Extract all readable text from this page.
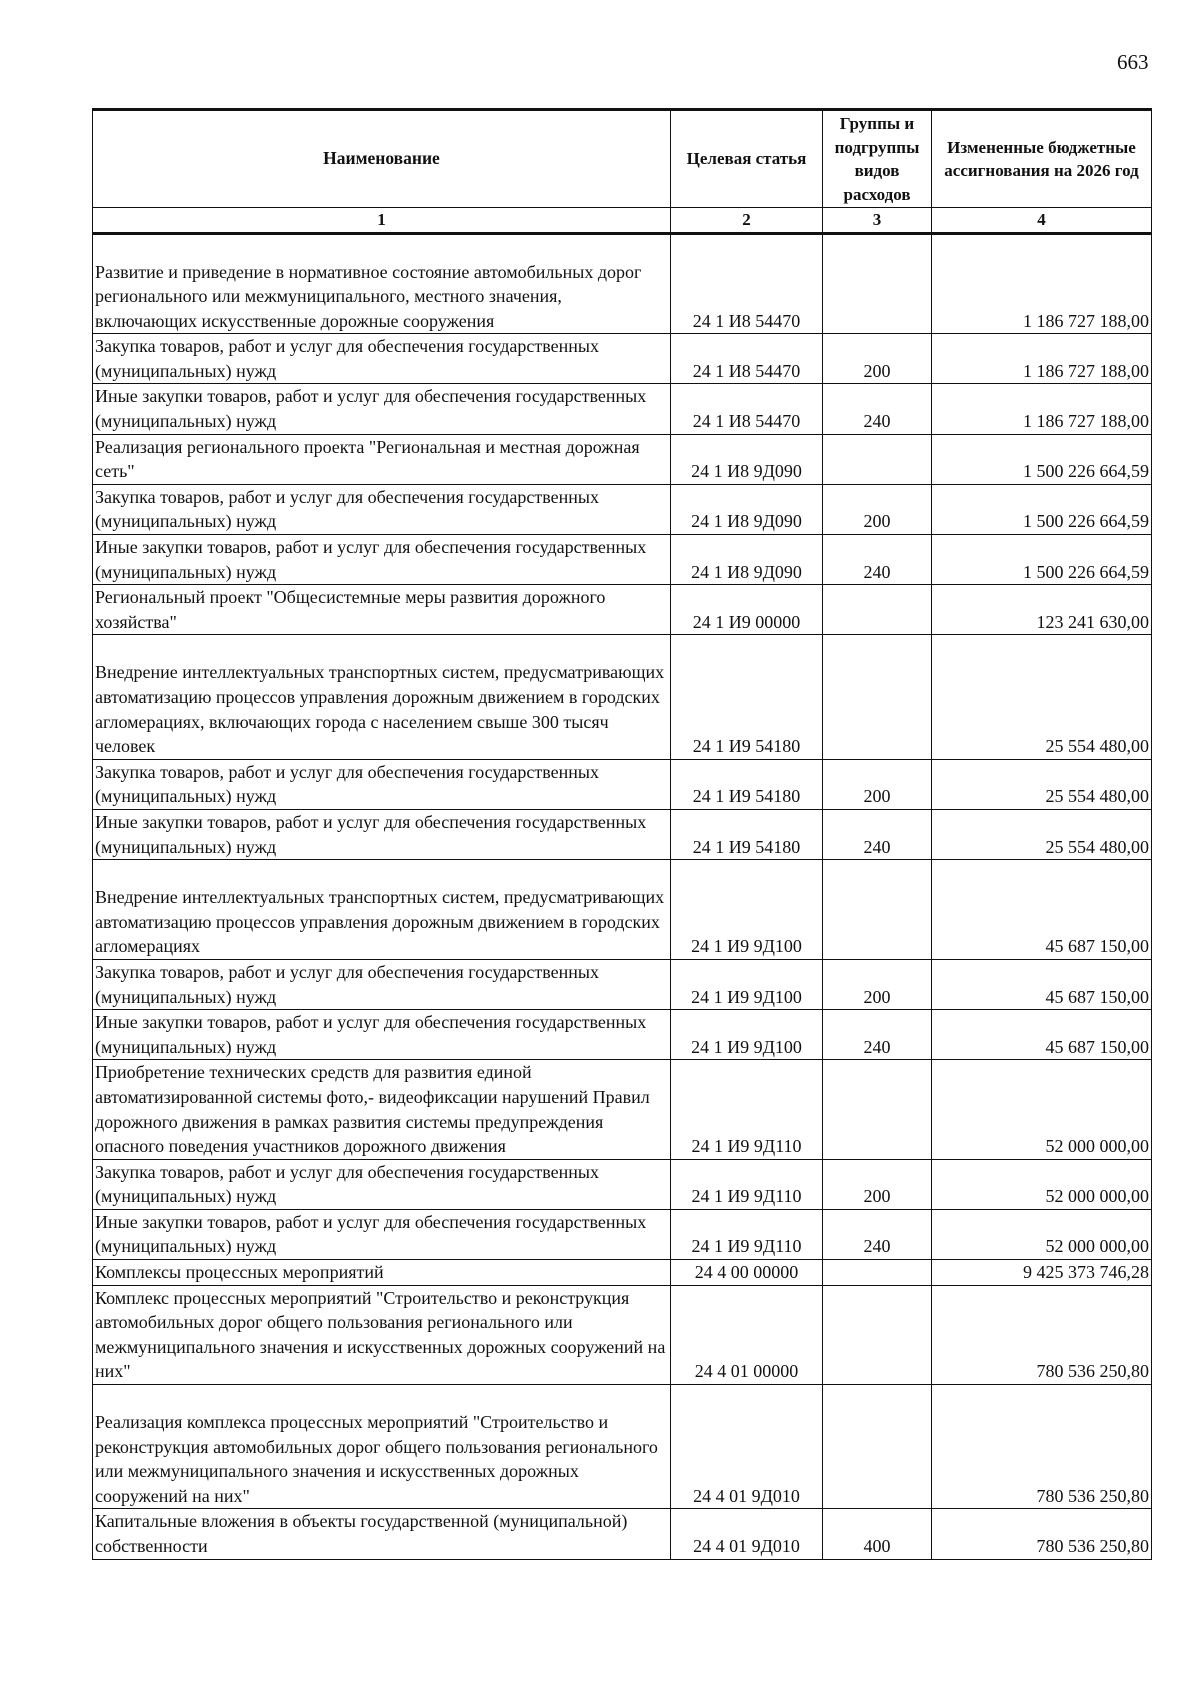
663
Наименование	Целевая статья	Группы и подгруппы видов расходов	Измененные бюджетные ассигнования на 2026 год
1	2	3	4
Развитие и приведение в нормативное состояние автомобильных дорог регионального или межмуниципального, местного значения, включающих искусственные дорожные сооружения	24 1 И8 54470		1 186 727 188,00
Закупка товаров, работ и услуг для обеспечения государственных (муниципальных) нужд	24 1 И8 54470	200	1 186 727 188,00
Иные закупки товаров, работ и услуг для обеспечения государственных (муниципальных) нужд	24 1 И8 54470	240	1 186 727 188,00
Реализация регионального проекта "Региональная и местная дорожная сеть"	24 1 И8 9Д090		1 500 226 664,59
Закупка товаров, работ и услуг для обеспечения государственных (муниципальных) нужд	24 1 И8 9Д090	200	1 500 226 664,59
Иные закупки товаров, работ и услуг для обеспечения государственных (муниципальных) нужд	24 1 И8 9Д090	240	1 500 226 664,59
Региональный проект "Общесистемные меры развития дорожного хозяйства"	24 1 И9 00000		123 241 630,00
Внедрение интеллектуальных транспортных систем, предусматривающих автоматизацию процессов управления дорожным движением в городских агломерациях, включающих города с населением свыше 300 тысяч человек	24 1 И9 54180		25 554 480,00
Закупка товаров, работ и услуг для обеспечения государственных (муниципальных) нужд	24 1 И9 54180	200	25 554 480,00
Иные закупки товаров, работ и услуг для обеспечения государственных (муниципальных) нужд	24 1 И9 54180	240	25 554 480,00
Внедрение интеллектуальных транспортных систем, предусматривающих автоматизацию процессов управления дорожным движением в городских агломерациях	24 1 И9 9Д100		45 687 150,00
Закупка товаров, работ и услуг для обеспечения государственных (муниципальных) нужд	24 1 И9 9Д100	200	45 687 150,00
Иные закупки товаров, работ и услуг для обеспечения государственных (муниципальных) нужд	24 1 И9 9Д100	240	45 687 150,00
Приобретение технических средств для развития единой автоматизированной системы фото,- видеофиксации нарушений Правил дорожного движения в рамках развития системы предупреждения опасного поведения участников дорожного движения	24 1 И9 9Д110		52 000 000,00
Закупка товаров, работ и услуг для обеспечения государственных (муниципальных) нужд	24 1 И9 9Д110	200	52 000 000,00
Иные закупки товаров, работ и услуг для обеспечения государственных (муниципальных) нужд	24 1 И9 9Д110	240	52 000 000,00
Комплексы процессных мероприятий	24 4 00 00000		9 425 373 746,28
Комплекс процессных мероприятий "Строительство и реконструкция автомобильных дорог общего пользования регионального или межмуниципального значения и искусственных дорожных сооружений на них"	24 4 01 00000		780 536 250,80
Реализация комплекса процессных мероприятий "Строительство и реконструкция автомобильных дорог общего пользования регионального или межмуниципального значения и искусственных дорожных сооружений на них"	24 4 01 9Д010		780 536 250,80
Капитальные вложения в объекты государственной (муниципальной) собственности	24 4 01 9Д010	400	780 536 250,80
